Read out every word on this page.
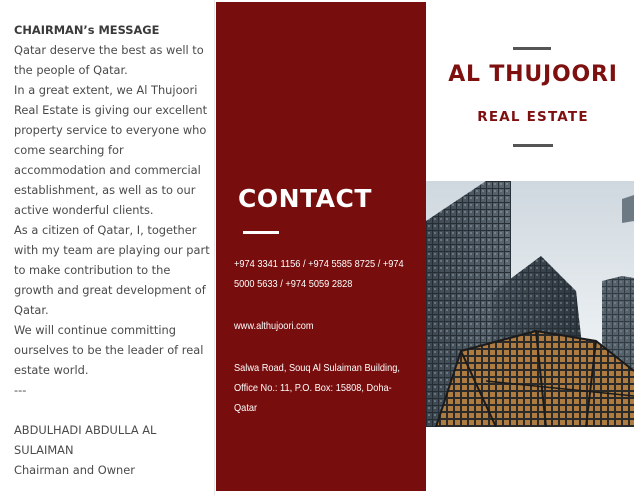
CHAIRMAN’s MESSAGE

Qatar deserve the best as well to the people of Qatar.

In a great extent, we Al Thujoori Real Estate is giving our excellent property service to everyone who come searching for accommodation and commercial establishment, as well as to our active wonderful clients.

As a citizen of Qatar, I, together with my team are playing our part to make contribution to the growth and great development of Qatar.

We will continue committing ourselves to be the leader of real estate world.

---

ABDULHADI ABDULLA AL SULAIMAN

Chairman and Owner

CONTACT
+974 3341 1156 / +974 5585 8725 / +974 5000 5633 / +974 5059 2828
www.althujoori.com
Salwa Road, Souq Al Sulaiman Building, Office No.: 11, P.O. Box: 15808, Doha-Qatar
AL THUJOORI
REAL ESTATE
